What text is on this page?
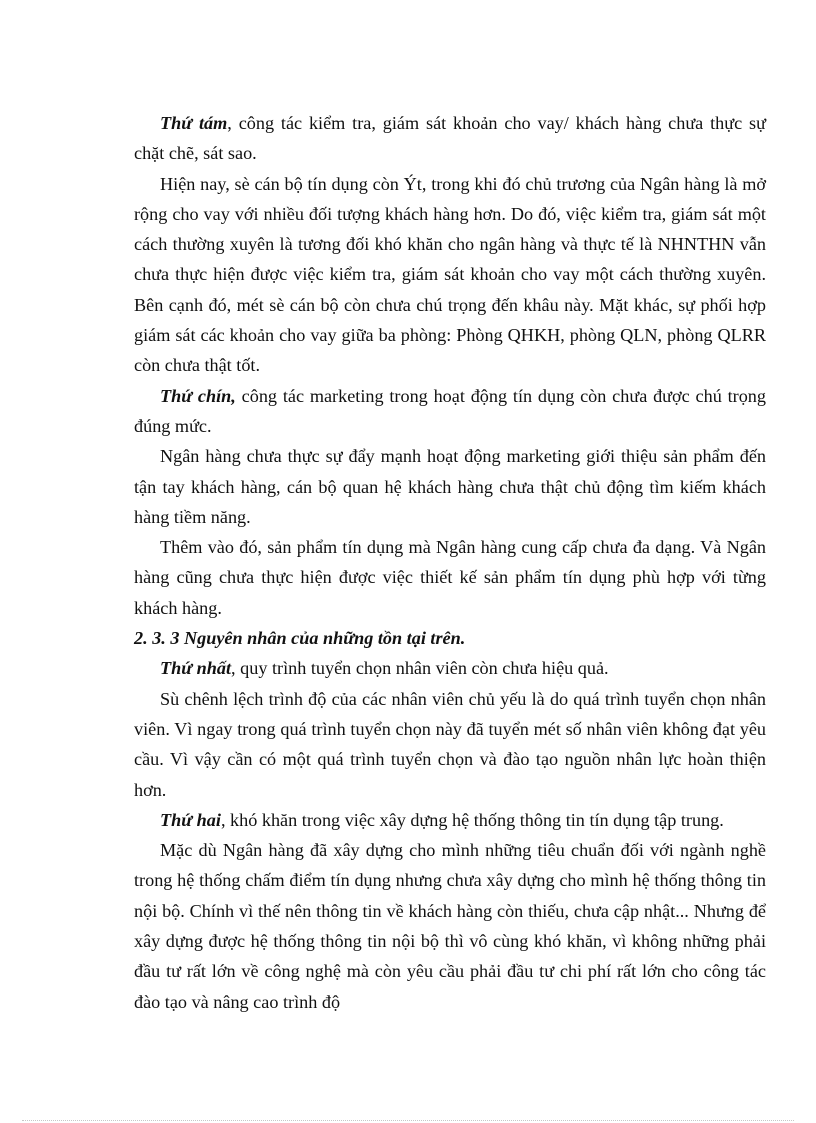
Thứ tám, công tác kiểm tra, giám sát khoản cho vay/ khách hàng chưa thực sự chặt chẽ, sát sao.

Hiện nay, sè cán bộ tín dụng còn Ýt, trong khi đó chủ trương của Ngân hàng là mở rộng cho vay với nhiều đối tượng khách hàng hơn. Do đó, việc kiểm tra, giám sát một cách thường xuyên là tương đối khó khăn cho ngân hàng và thực tế là NHNTHN vẫn chưa thực hiện được việc kiểm tra, giám sát khoản cho vay một cách thường xuyên. Bên cạnh đó, mét sè cán bộ còn chưa chú trọng đến khâu này. Mặt khác, sự phối hợp giám sát các khoản cho vay giữa ba phòng: Phòng QHKH, phòng QLN, phòng QLRR còn chưa thật tốt.

Thứ chín, công tác marketing trong hoạt động tín dụng còn chưa được chú trọng đúng mức.

Ngân hàng chưa thực sự đẩy mạnh hoạt động marketing giới thiệu sản phẩm đến tận tay khách hàng, cán bộ quan hệ khách hàng chưa thật chủ động tìm kiếm khách hàng tiềm năng.

Thêm vào đó, sản phẩm tín dụng mà Ngân hàng cung cấp chưa đa dạng. Và Ngân hàng cũng chưa thực hiện được việc thiết kế sản phẩm tín dụng phù hợp với từng khách hàng.

2. 3. 3 Nguyên nhân của những tồn tại trên.

Thứ nhất, quy trình tuyển chọn nhân viên còn chưa hiệu quả.

Sù chênh lệch trình độ của các nhân viên chủ yếu là do quá trình tuyển chọn nhân viên. Vì ngay trong quá trình tuyển chọn này đã tuyển mét số nhân viên không đạt yêu cầu. Vì vậy cần có một quá trình tuyển chọn và đào tạo nguồn nhân lực hoàn thiện hơn.

Thứ hai, khó khăn trong việc xây dựng hệ thống thông tin tín dụng tập trung.

Mặc dù Ngân hàng đã xây dựng cho mình những tiêu chuẩn đối với ngành nghề trong hệ thống chấm điểm tín dụng nhưng chưa xây dựng cho mình hệ thống thông tin nội bộ. Chính vì thế nên thông tin về khách hàng còn thiếu, chưa cập nhật... Nhưng để xây dựng được hệ thống thông tin nội bộ thì vô cùng khó khăn, vì không những phải đầu tư rất lớn về công nghệ mà còn yêu cầu phải đầu tư chi phí rất lớn cho công tác đào tạo và nâng cao trình độ
